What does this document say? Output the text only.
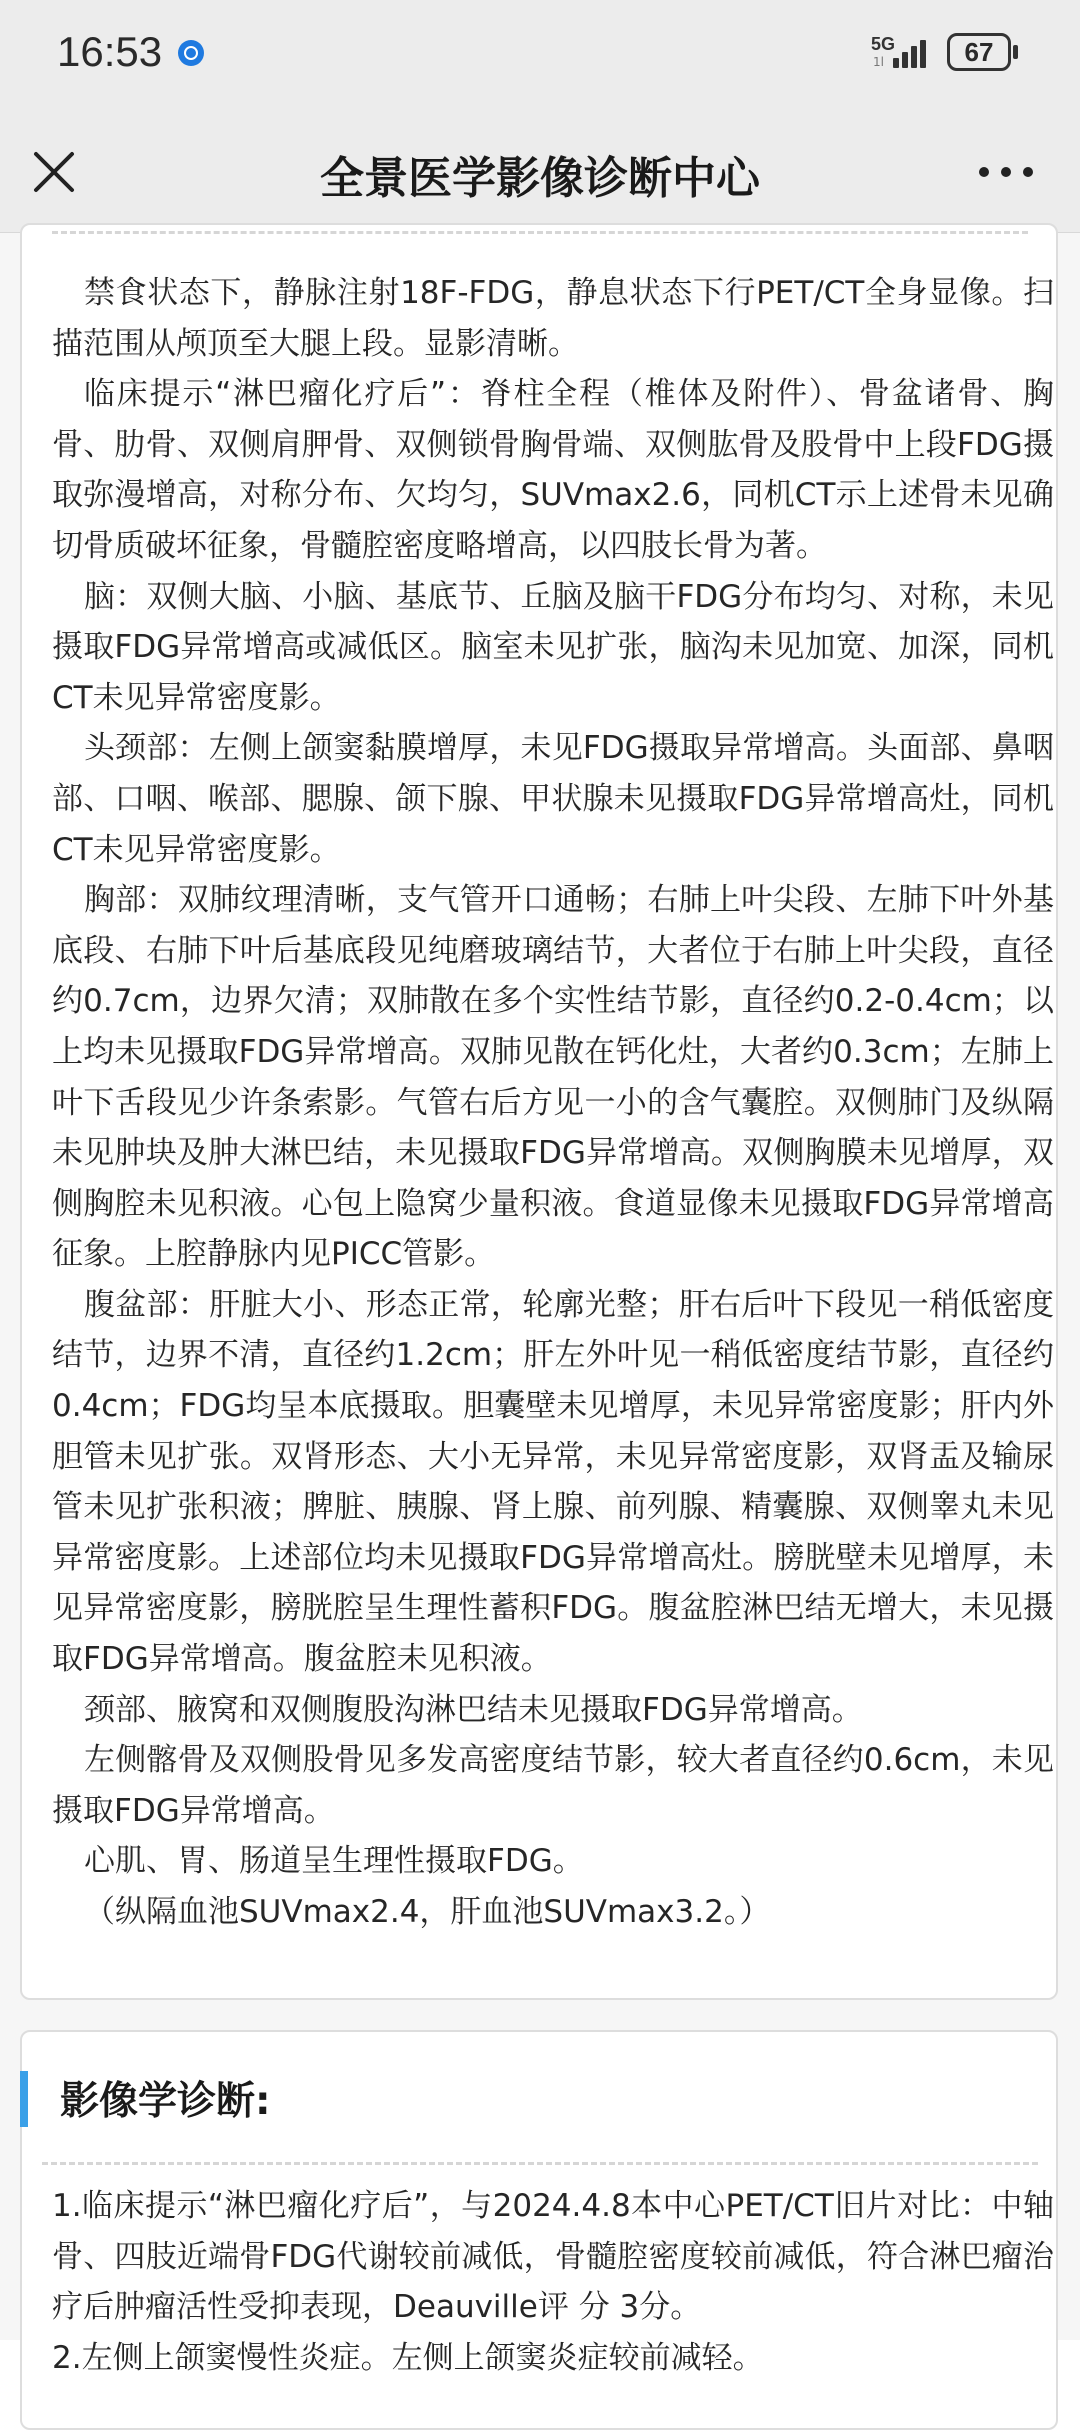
16:53	5G
1l	67
全景医学影像诊断中心

禁食状态下，静脉注射18F-FDG，静息状态下行PET/CT全身显像。扫描范围从颅顶至大腿上段。显影清晰。

临床提示“淋巴瘤化疗后”：脊柱全程（椎体及附件）、骨盆诸骨、胸骨、肋骨、双侧肩胛骨、双侧锁骨胸骨端、双侧肱骨及股骨中上段FDG摄取弥漫增高，对称分布、欠均匀，SUVmax2.6，同机CT示上述骨未见确切骨质破坏征象，骨髓腔密度略增高，以四肢长骨为著。

脑：双侧大脑、小脑、基底节、丘脑及脑干FDG分布均匀、对称，未见摄取FDG异常增高或减低区。脑室未见扩张，脑沟未见加宽、加深，同机CT未见异常密度影。

头颈部：左侧上颌窦黏膜增厚，未见FDG摄取异常增高。头面部、鼻咽部、口咽、喉部、腮腺、颌下腺、甲状腺未见摄取FDG异常增高灶，同机CT未见异常密度影。

胸部：双肺纹理清晰，支气管开口通畅；右肺上叶尖段、左肺下叶外基底段、右肺下叶后基底段见纯磨玻璃结节，大者位于右肺上叶尖段，直径约0.7cm，边界欠清；双肺散在多个实性结节影，直径约0.2-0.4cm；以上均未见摄取FDG异常增高。双肺见散在钙化灶，大者约0.3cm；左肺上叶下舌段见少许条索影。气管右后方见一小的含气囊腔。双侧肺门及纵隔未见肿块及肿大淋巴结，未见摄取FDG异常增高。双侧胸膜未见增厚，双侧胸腔未见积液。心包上隐窝少量积液。食道显像未见摄取FDG异常增高征象。上腔静脉内见PICC管影。

腹盆部：肝脏大小、形态正常，轮廓光整；肝右后叶下段见一稍低密度结节，边界不清，直径约1.2cm；肝左外叶见一稍低密度结节影，直径约0.4cm；FDG均呈本底摄取。胆囊壁未见增厚，未见异常密度影；肝内外胆管未见扩张。双肾形态、大小无异常，未见异常密度影，双肾盂及输尿管未见扩张积液；脾脏、胰腺、肾上腺、前列腺、精囊腺、双侧睾丸未见异常密度影。上述部位均未见摄取FDG异常增高灶。膀胱壁未见增厚，未见异常密度影，膀胱腔呈生理性蓄积FDG。腹盆腔淋巴结无增大，未见摄取FDG异常增高。腹盆腔未见积液。

颈部、腋窝和双侧腹股沟淋巴结未见摄取FDG异常增高。

左侧髂骨及双侧股骨见多发高密度结节影，较大者直径约0.6cm，未见摄取FDG异常增高。

心肌、胃、肠道呈生理性摄取FDG。

（纵隔血池SUVmax2.4，肝血池SUVmax3.2。）

影像学诊断:

1.临床提示“淋巴瘤化疗后”，与2024.4.8本中心PET/CT旧片对比：中轴骨、四肢近端骨FDG代谢较前减低，骨髓腔密度较前减低，符合淋巴瘤治疗后肿瘤活性受抑表现，Deauville评 分 3分。

2.左侧上颌窦慢性炎症。左侧上颌窦炎症较前减轻。
